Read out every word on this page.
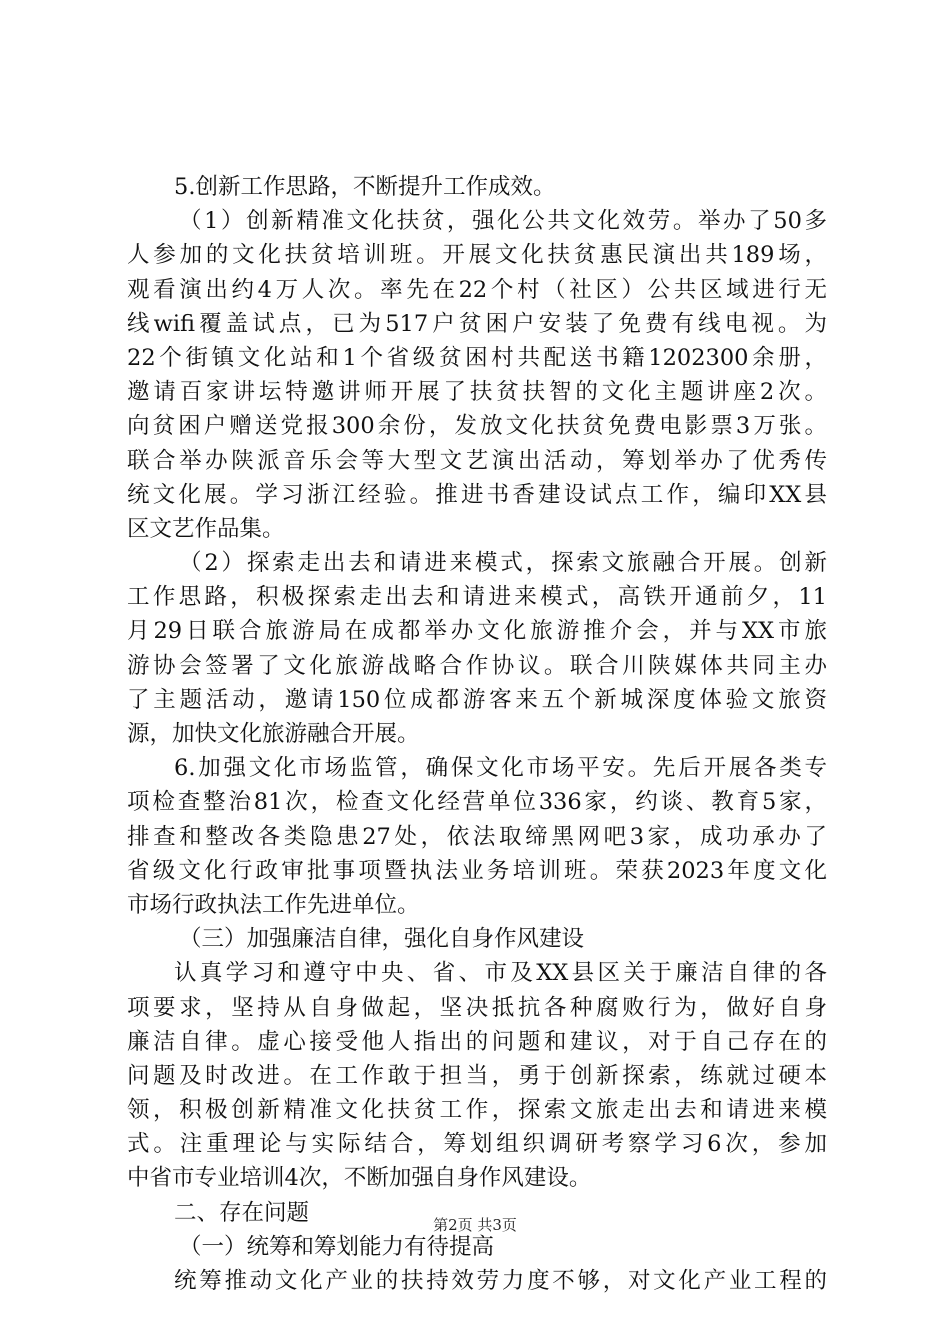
5.创新工作思路，不断提升工作成效。
（1）创新精准文化扶贫，强化公共文化效劳。举办了50多
人参加的文化扶贫培训班。开展文化扶贫惠民演出共189场，
观看演出约4万人次。率先在22个村（社区）公共区域进行无
线wifi覆盖试点，已为517户贫困户安装了免费有线电视。为
22个街镇文化站和1个省级贫困村共配送书籍1202300余册，
邀请百家讲坛特邀讲师开展了扶贫扶智的文化主题讲座2次。
向贫困户赠送党报300余份，发放文化扶贫免费电影票3万张。
联合举办陕派音乐会等大型文艺演出活动，筹划举办了优秀传
统文化展。学习浙江经验。推进书香建设试点工作，编印XX县
区文艺作品集。
（2）探索走出去和请进来模式，探索文旅融合开展。创新
工作思路，积极探索走出去和请进来模式，高铁开通前夕，11
月29日联合旅游局在成都举办文化旅游推介会，并与XX市旅
游协会签署了文化旅游战略合作协议。联合川陕媒体共同主办
了主题活动，邀请150位成都游客来五个新城深度体验文旅资
源，加快文化旅游融合开展。
6.加强文化市场监管，确保文化市场平安。先后开展各类专
项检查整治81次，检查文化经营单位336家，约谈、教育5家，
排查和整改各类隐患27处，依法取缔黑网吧3家，成功承办了
省级文化行政审批事项暨执法业务培训班。荣获2023年度文化
市场行政执法工作先进单位。
（三）加强廉洁自律，强化自身作风建设
认真学习和遵守中央、省、市及XX县区关于廉洁自律的各
项要求，坚持从自身做起，坚决抵抗各种腐败行为，做好自身
廉洁自律。虚心接受他人指出的问题和建议，对于自己存在的
问题及时改进。在工作敢于担当，勇于创新探索，练就过硬本
领，积极创新精准文化扶贫工作，探索文旅走出去和请进来模
式。注重理论与实际结合，筹划组织调研考察学习6次，参加
中省市专业培训4次，不断加强自身作风建设。
二、存在问题
（一）统筹和筹划能力有待提高
统筹推动文化产业的扶持效劳力度不够，对文化产业工程的
第2页 共3页
